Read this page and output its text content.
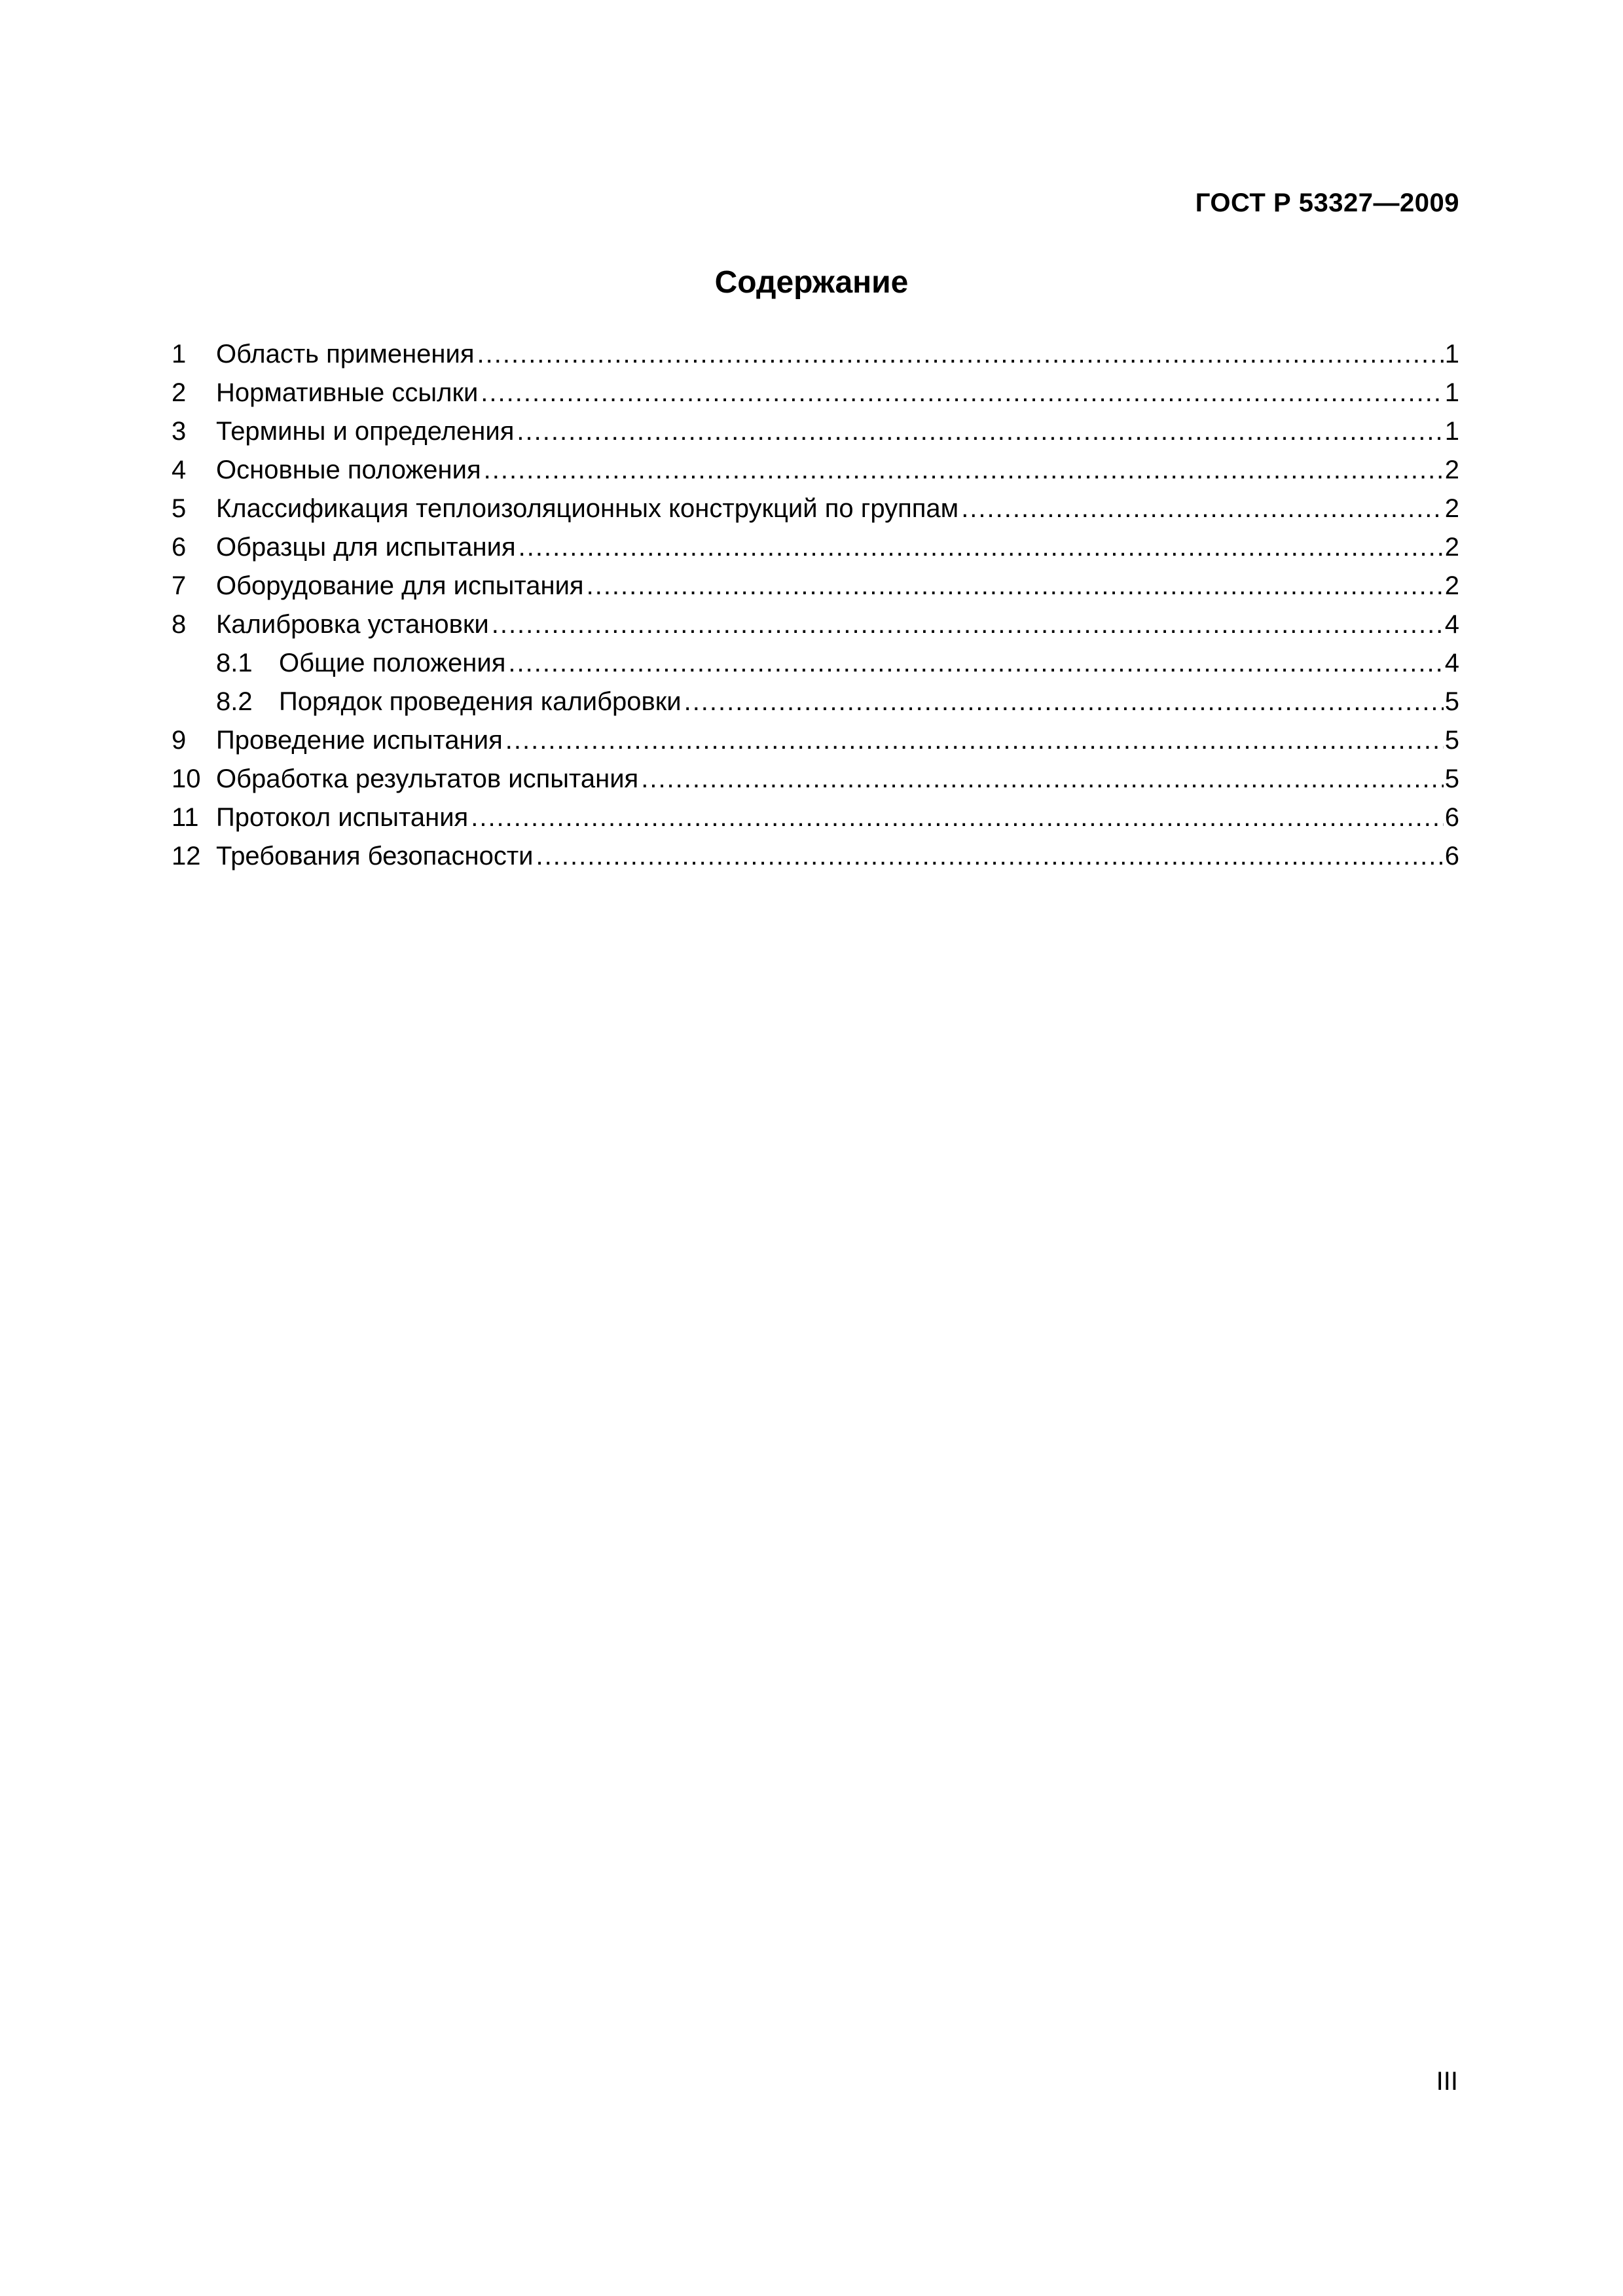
ГОСТ Р 53327—2009
Содержание
1	Область применения .....	1
2	Нормативные ссылки .....	1
3	Термины и определения .....	1
4	Основные положения .....	2
5	Классификация теплоизоляционных конструкций по группам .....	2
6	Образцы для испытания .....	2
7	Оборудование для испытания .....	2
8	Калибровка установки .....	4
8.1	Общие положения .....	4
8.2	Порядок проведения калибровки .....	5
9	Проведение испытания .....	5
10 Обработка результатов испытания .....	5
11 Протокол испытания .....	6
12 Требования безопасности .....	6
III
